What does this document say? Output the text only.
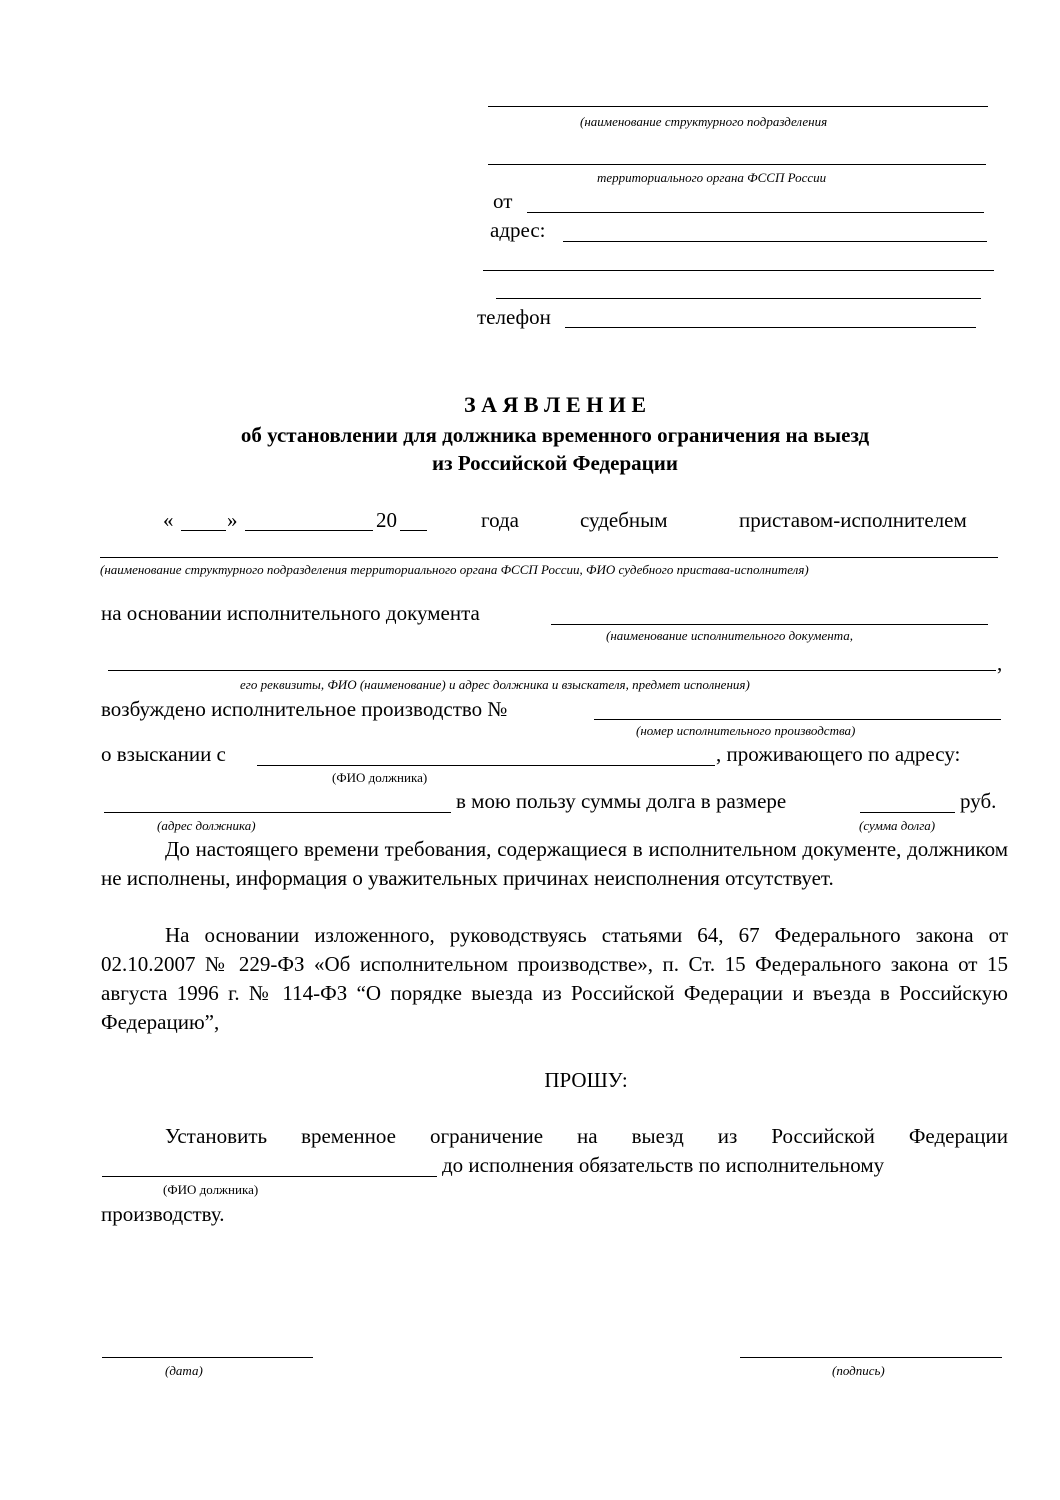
(наименование структурного подразделения
территориального органа ФССП России
от
адрес:
телефон
З А Я В Л Е Н И Е
об установлении для должника временного ограничения на выезд
из Российской Федерации
«	»	20	года	судебным	приставом-исполнителем
(наименование структурного подразделения территориального органа ФССП России, ФИО судебного пристава-исполнителя)
на основании исполнительного документа
(наименование исполнительного документа,
,
его реквизиты, ФИО (наименование) и адрес должника и взыскателя, предмет исполнения)
возбуждено исполнительное производство №
(номер исполнительного производства)
о взыскании с	, проживающего по адресу:
(ФИО должника)
в мою пользу суммы долга в размере	руб.
(адрес должника)	(сумма долга)
До настоящего времени требования, содержащиеся в исполнительном документе, должником не исполнены, информация о уважительных причинах неисполнения отсутствует.
На основании изложенного, руководствуясь статьями 64, 67 Федерального закона от 02.10.2007 № 229-ФЗ «Об исполнительном производстве», п. Ст. 15 Федерального закона от 15 августа 1996 г. № 114-ФЗ “О порядке выезда из Российской Федерации и въезда в Российскую Федерацию”,
ПРОШУ:
Установить временное ограничение на выезд из Российской Федерации
до исполнения обязательств по исполнительному
(ФИО должника)
производству.
(дата)	(подпись)
